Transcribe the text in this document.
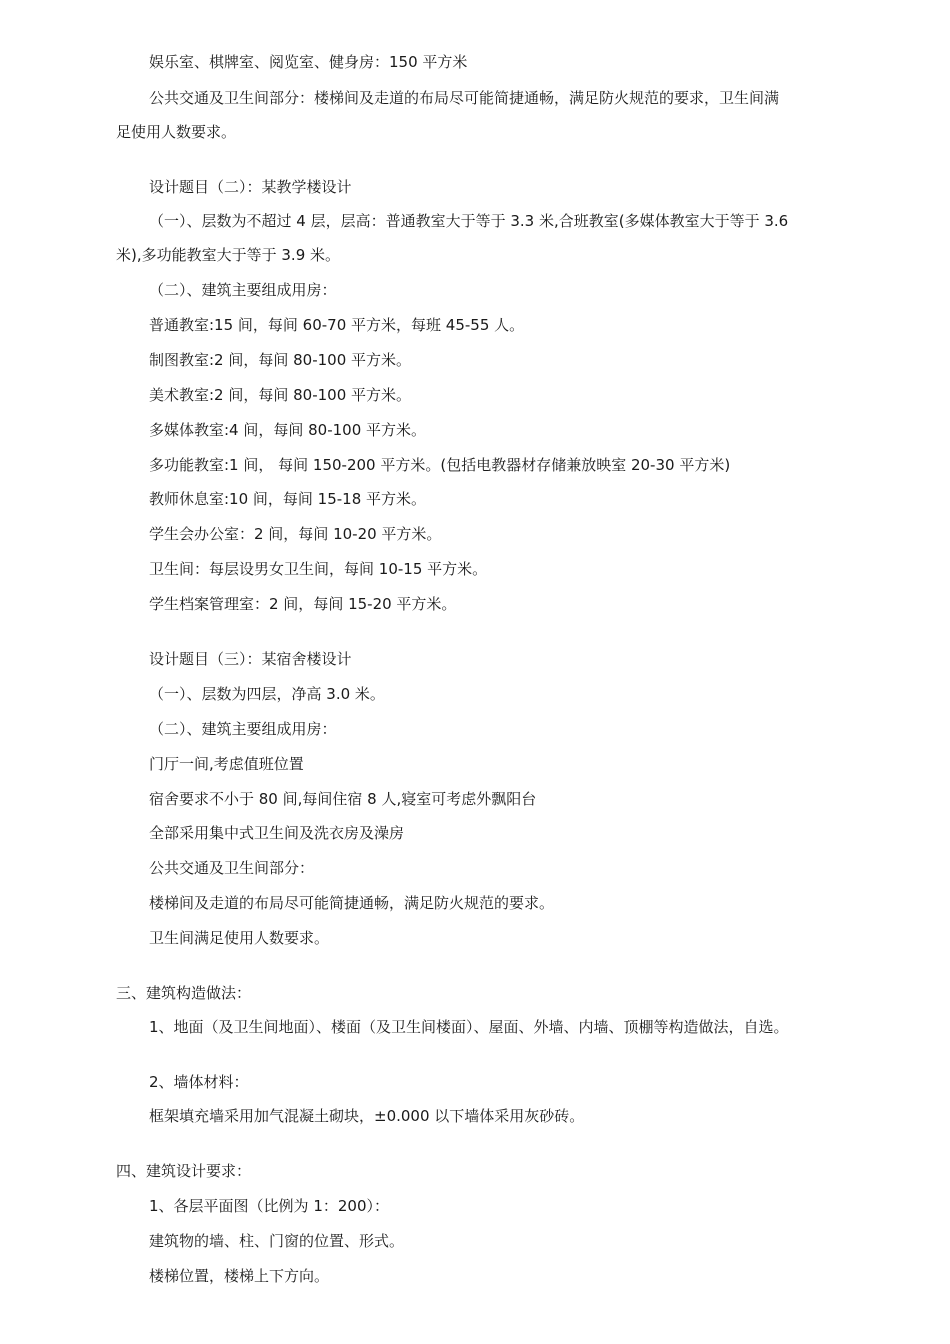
娱乐室、棋牌室、阅览室、健身房：150 平方米
公共交通及卫生间部分：楼梯间及走道的布局尽可能简捷通畅，满足防火规范的要求，卫生间满
足使用人数要求。
设计题目（二）：某教学楼设计
（一）、层数为不超过 4 层，层高：普通教室大于等于 3.3 米,合班教室(多媒体教室大于等于 3.6
米),多功能教室大于等于 3.9 米。
（二）、建筑主要组成用房：
普通教室:15 间，每间 60-70 平方米，每班 45-55 人。
制图教室:2 间，每间 80-100 平方米。
美术教室:2 间，每间 80-100 平方米。
多媒体教室:4 间，每间 80-100 平方米。
多功能教室:1 间， 每间 150-200 平方米。(包括电教器材存储兼放映室 20-30 平方米)
教师休息室:10 间，每间 15-18 平方米。
学生会办公室：2 间，每间 10-20 平方米。
卫生间：每层设男女卫生间，每间 10-15 平方米。
学生档案管理室：2 间，每间 15-20 平方米。
设计题目（三）：某宿舍楼设计
（一）、层数为四层，净高 3.0 米。
（二）、建筑主要组成用房：
门厅一间,考虑值班位置
宿舍要求不小于 80 间,每间住宿 8 人,寝室可考虑外飘阳台
全部采用集中式卫生间及洗衣房及澡房
公共交通及卫生间部分：
楼梯间及走道的布局尽可能简捷通畅，满足防火规范的要求。
卫生间满足使用人数要求。
三、建筑构造做法：
1、地面（及卫生间地面）、楼面（及卫生间楼面）、屋面、外墙、内墙、顶棚等构造做法，自选。
2、墙体材料：
框架填充墙采用加气混凝土砌块，±0.000 以下墙体采用灰砂砖。
四、建筑设计要求：
1、各层平面图（比例为 1：200）：
建筑物的墙、柱、门窗的位置、形式。
楼梯位置，楼梯上下方向。
